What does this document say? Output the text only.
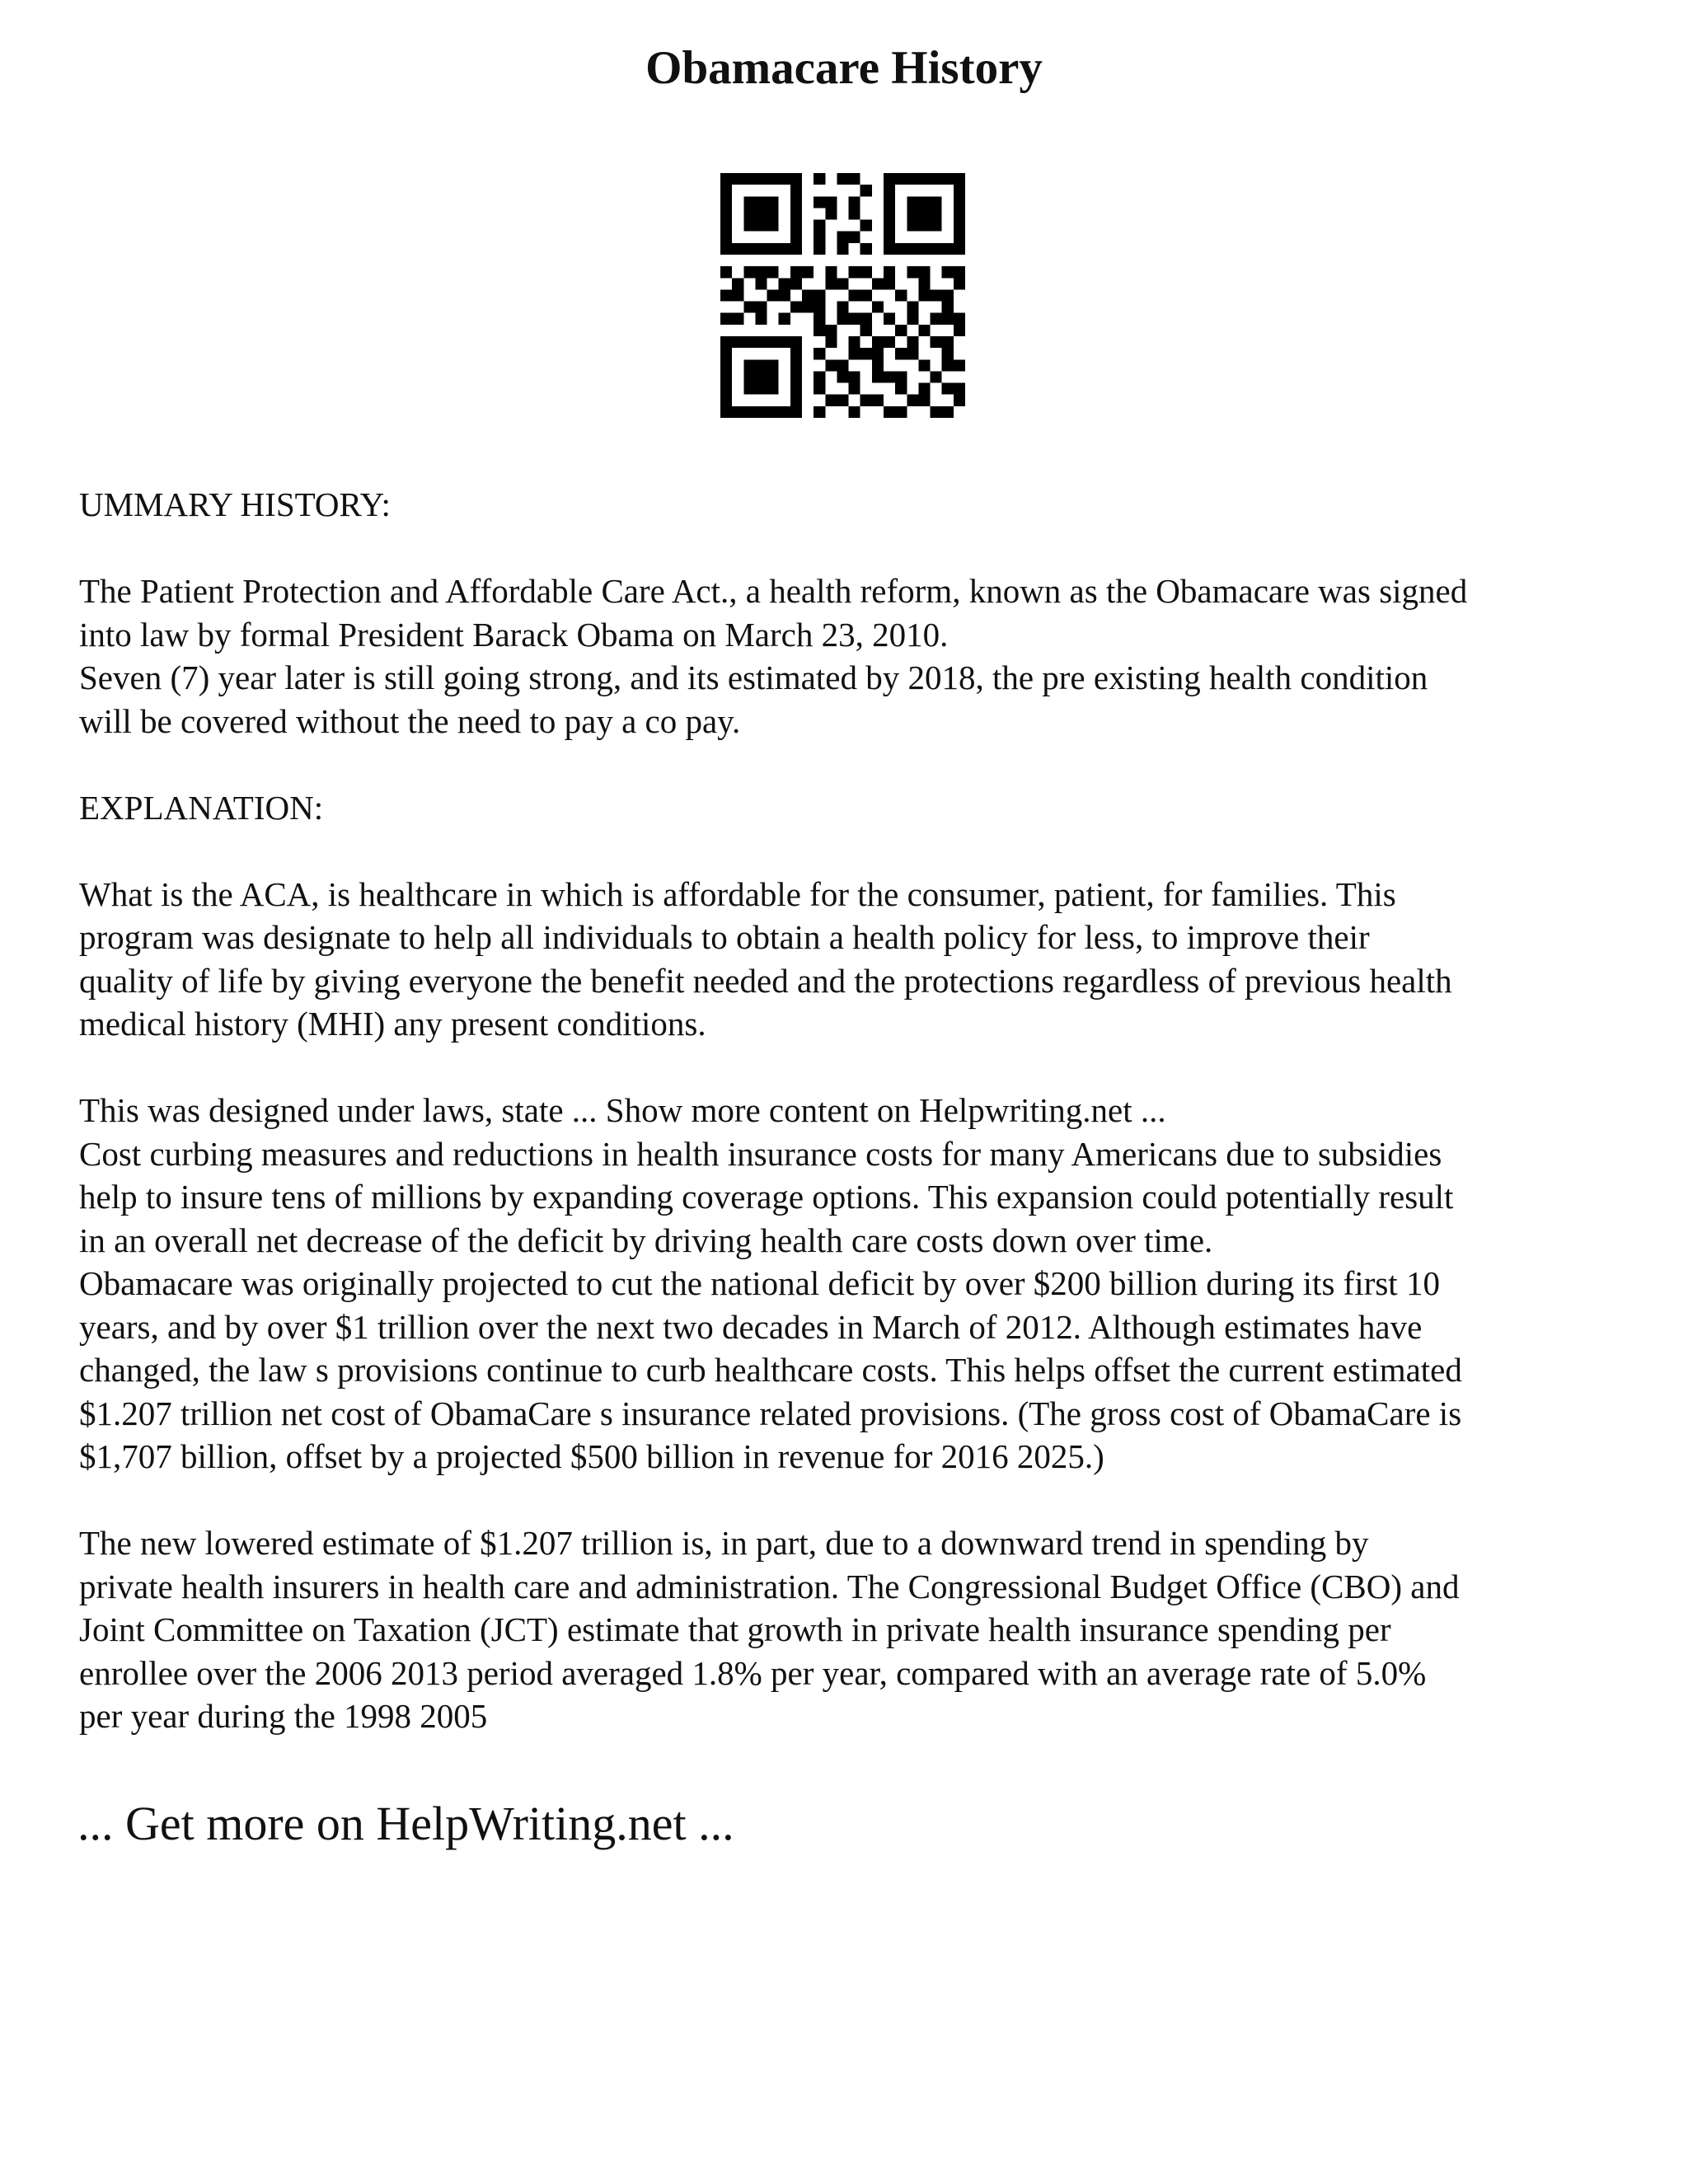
Obamacare History

UMMARY HISTORY:

The Patient Protection and Affordable Care Act., a health reform, known as the Obamacare was signed
into law by formal President Barack Obama on March 23, 2010.
Seven (7) year later is still going strong, and its estimated by 2018, the pre existing health condition
will be covered without the need to pay a co pay.

EXPLANATION:

What is the ACA, is healthcare in which is affordable for the consumer, patient, for families. This
program was designate to help all individuals to obtain a health policy for less, to improve their
quality of life by giving everyone the benefit needed and the protections regardless of previous health
medical history (MHI) any present conditions.

This was designed under laws, state ... Show more content on Helpwriting.net ...
Cost curbing measures and reductions in health insurance costs for many Americans due to subsidies
help to insure tens of millions by expanding coverage options. This expansion could potentially result
in an overall net decrease of the deficit by driving health care costs down over time.
Obamacare was originally projected to cut the national deficit by over $200 billion during its first 10
years, and by over $1 trillion over the next two decades in March of 2012. Although estimates have
changed, the law s provisions continue to curb healthcare costs. This helps offset the current estimated
$1.207 trillion net cost of ObamaCare s insurance related provisions. (The gross cost of ObamaCare is
$1,707 billion, offset by a projected $500 billion in revenue for 2016 2025.)

The new lowered estimate of $1.207 trillion is, in part, due to a downward trend in spending by
private health insurers in health care and administration. The Congressional Budget Office (CBO) and
Joint Committee on Taxation (JCT) estimate that growth in private health insurance spending per
enrollee over the 2006 2013 period averaged 1.8% per year, compared with an average rate of 5.0%
per year during the 1998 2005

... Get more on HelpWriting.net ...
